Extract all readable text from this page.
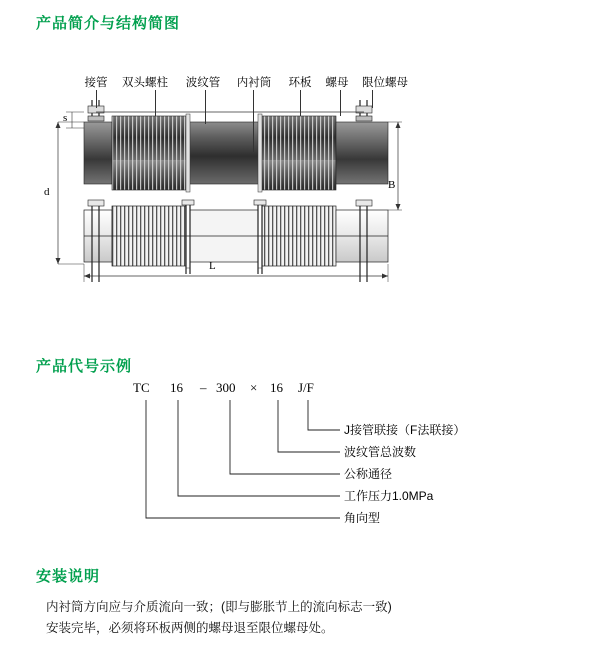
产品简介与结构简图
产品代号示例
安装说明
接管 双头螺柱 波纹管 内衬筒 环板 螺母 限位螺母
s
d
B
L
TC 16 – 300 × 16 J/F
J接管联接（F法联接）
波纹管总波数
公称通径
工作压力1.0MPa
角向型
内衬筒方向应与介质流向一致；(即与膨胀节上的流向标志一致)
安装完毕，必须将环板两侧的螺母退至限位螺母处。
